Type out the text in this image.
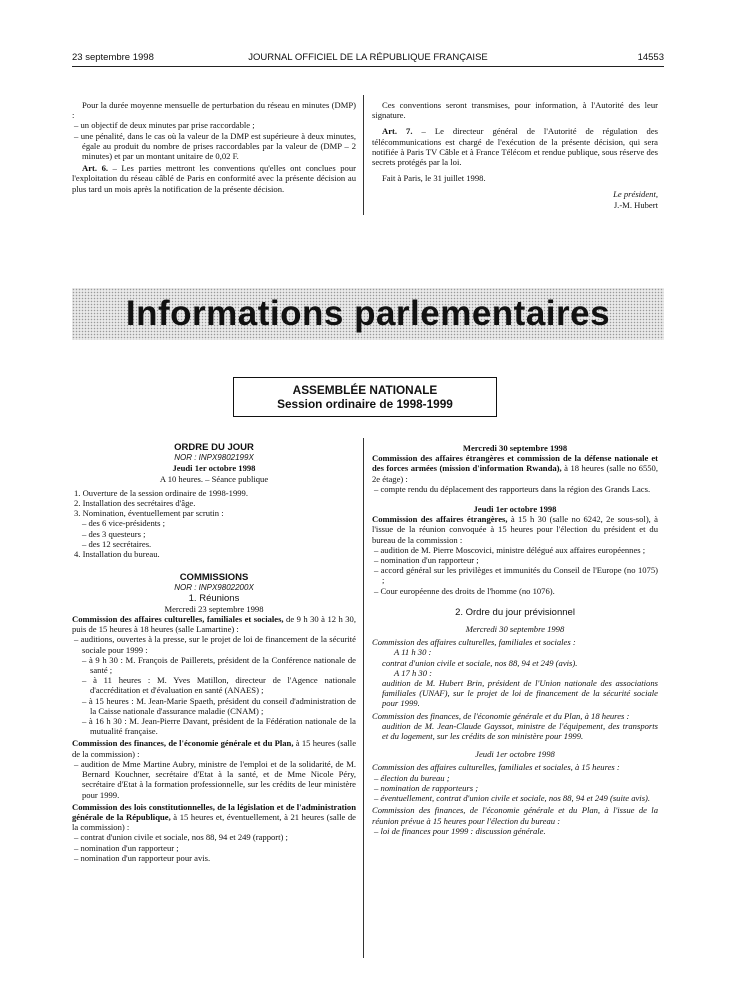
23 septembre 1998	JOURNAL OFFICIEL DE LA RÉPUBLIQUE FRANÇAISE	14553

Pour la durée moyenne mensuelle de perturbation du réseau en minutes (DMP) :

– un objectif de deux minutes par prise raccordable ;

– une pénalité, dans le cas où la valeur de la DMP est supérieure à deux minutes, égale au produit du nombre de prises raccordables par la valeur de (DMP – 2 minutes) et par un montant unitaire de 0,02 F.

Art. 6. – Les parties mettront les conventions qu'elles ont conclues pour l'exploitation du réseau câblé de Paris en conformité avec la présente décision au plus tard un mois après la notification de la présente décision.

Ces conventions seront transmises, pour information, à l'Autorité des leur signature.

Art. 7. – Le directeur général de l'Autorité de régulation des télécommunications est chargé de l'exécution de la présente décision, qui sera notifiée à Paris TV Câble et à France Télécom et rendue publique, sous réserve des secrets protégés par la loi.

Fait à Paris, le 31 juillet 1998.

Le président,

J.-M. Hubert

Informations parlementaires
ASSEMBLÉE NATIONALE
Session ordinaire de 1998-1999

ORDRE DU JOUR

NOR : INPX9802199X

Jeudi 1er octobre 1998

A 10 heures. – Séance publique

1. Ouverture de la session ordinaire de 1998-1999.

2. Installation des secrétaires d'âge.

3. Nomination, éventuellement par scrutin :

– des 6 vice-présidents ;

– des 3 questeurs ;

– des 12 secrétaires.

4. Installation du bureau.

COMMISSIONS

NOR : INPX9802200X

1. Réunions

Mercredi 23 septembre 1998

Commission des affaires culturelles, familiales et sociales, de 9 h 30 à 12 h 30, puis de 15 heures à 18 heures (salle Lamartine) :

– auditions, ouvertes à la presse, sur le projet de loi de financement de la sécurité sociale pour 1999 :

– à 9 h 30 : M. François de Paillerets, président de la Conférence nationale de santé ;

– à 11 heures : M. Yves Matillon, directeur de l'Agence nationale d'accréditation et d'évaluation en santé (ANAES) ;

– à 15 heures : M. Jean-Marie Spaeth, président du conseil d'administration de la Caisse nationale d'assurance maladie (CNAM) ;

– à 16 h 30 : M. Jean-Pierre Davant, président de la Fédération nationale de la mutualité française.

Commission des finances, de l'économie générale et du Plan, à 15 heures (salle de la commission) :

– audition de Mme Martine Aubry, ministre de l'emploi et de la solidarité, de M. Bernard Kouchner, secrétaire d'Etat à la santé, et de Mme Nicole Péry, secrétaire d'Etat à la formation professionnelle, sur les crédits de leur ministère pour 1999.

Commission des lois constitutionnelles, de la législation et de l'administration générale de la République, à 15 heures et, éventuellement, à 21 heures (salle de la commission) :

– contrat d'union civile et sociale, nos 88, 94 et 249 (rapport) ;

– nomination d'un rapporteur ;

– nomination d'un rapporteur pour avis.

Mercredi 30 septembre 1998

Commission des affaires étrangères et commission de la défense nationale et des forces armées (mission d'information Rwanda), à 18 heures (salle no 6550, 2e étage) :

– compte rendu du déplacement des rapporteurs dans la région des Grands Lacs.

Jeudi 1er octobre 1998

Commission des affaires étrangères, à 15 h 30 (salle no 6242, 2e sous-sol), à l'issue de la réunion convoquée à 15 heures pour l'élection du président et du bureau de la commission :

– audition de M. Pierre Moscovici, ministre délégué aux affaires européennes ;

– nomination d'un rapporteur ;

– accord général sur les privilèges et immunités du Conseil de l'Europe (no 1075) ;

– Cour européenne des droits de l'homme (no 1076).

2. Ordre du jour prévisionnel

Mercredi 30 septembre 1998

Commission des affaires culturelles, familiales et sociales :

A 11 h 30 :

contrat d'union civile et sociale, nos 88, 94 et 249 (avis).

A 17 h 30 :

audition de M. Hubert Brin, président de l'Union nationale des associations familiales (UNAF), sur le projet de loi de financement de la sécurité sociale pour 1999.

Commission des finances, de l'économie générale et du Plan, à 18 heures :

audition de M. Jean-Claude Gayssot, ministre de l'équipement, des transports et du logement, sur les crédits de son ministère pour 1999.

Jeudi 1er octobre 1998

Commission des affaires culturelles, familiales et sociales, à 15 heures :

– élection du bureau ;

– nomination de rapporteurs ;

– éventuellement, contrat d'union civile et sociale, nos 88, 94 et 249 (suite avis).

Commission des finances, de l'économie générale et du Plan, à l'issue de la réunion prévue à 15 heures pour l'élection du bureau :

– loi de finances pour 1999 : discussion générale.
